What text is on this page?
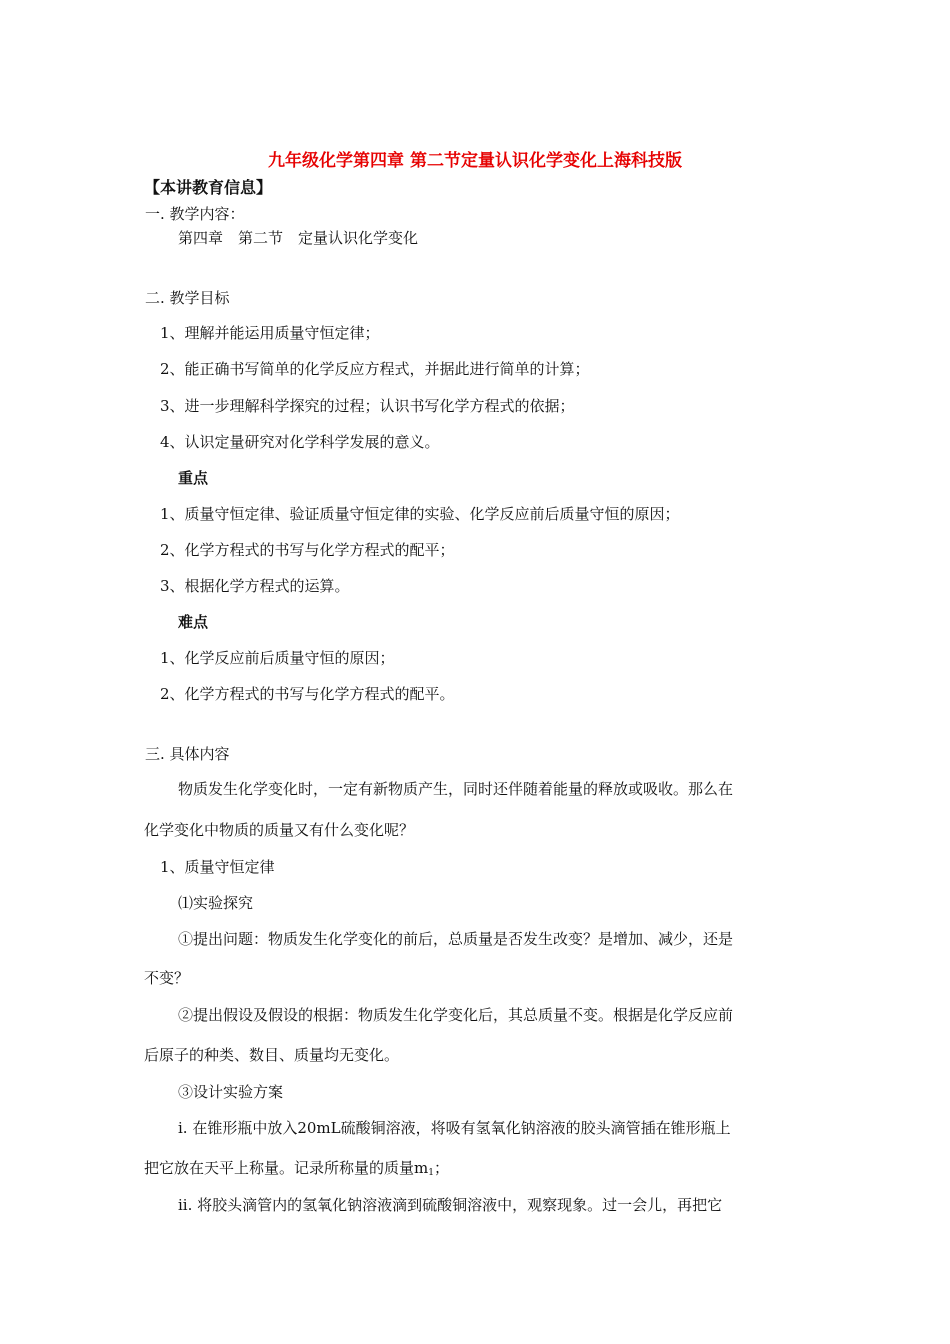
九年级化学第四章 第二节定量认识化学变化上海科技版
【本讲教育信息】
一. 教学内容：
第四章　第二节　定量认识化学变化
二. 教学目标
1、理解并能运用质量守恒定律；
2、能正确书写简单的化学反应方程式，并据此进行简单的计算；
3、进一步理解科学探究的过程；认识书写化学方程式的依据；
4、认识定量研究对化学科学发展的意义。
重点
1、质量守恒定律、验证质量守恒定律的实验、化学反应前后质量守恒的原因；
2、化学方程式的书写与化学方程式的配平；
3、根据化学方程式的运算。
难点
1、化学反应前后质量守恒的原因；
2、化学方程式的书写与化学方程式的配平。
三. 具体内容
物质发生化学变化时，一定有新物质产生，同时还伴随着能量的释放或吸收。那么在
化学变化中物质的质量又有什么变化呢？
1、质量守恒定律
⑴实验探究
①提出问题：物质发生化学变化的前后，总质量是否发生改变？是增加、减少，还是
不变？
②提出假设及假设的根据：物质发生化学变化后，其总质量不变。根据是化学反应前
后原子的种类、数目、质量均无变化。
③设计实验方案
i. 在锥形瓶中放入20mL硫酸铜溶液，将吸有氢氧化钠溶液的胶头滴管插在锥形瓶上
把它放在天平上称量。记录所称量的质量$m_1$；
ii. 将胶头滴管内的氢氧化钠溶液滴到硫酸铜溶液中，观察现象。过一会儿，再把它
